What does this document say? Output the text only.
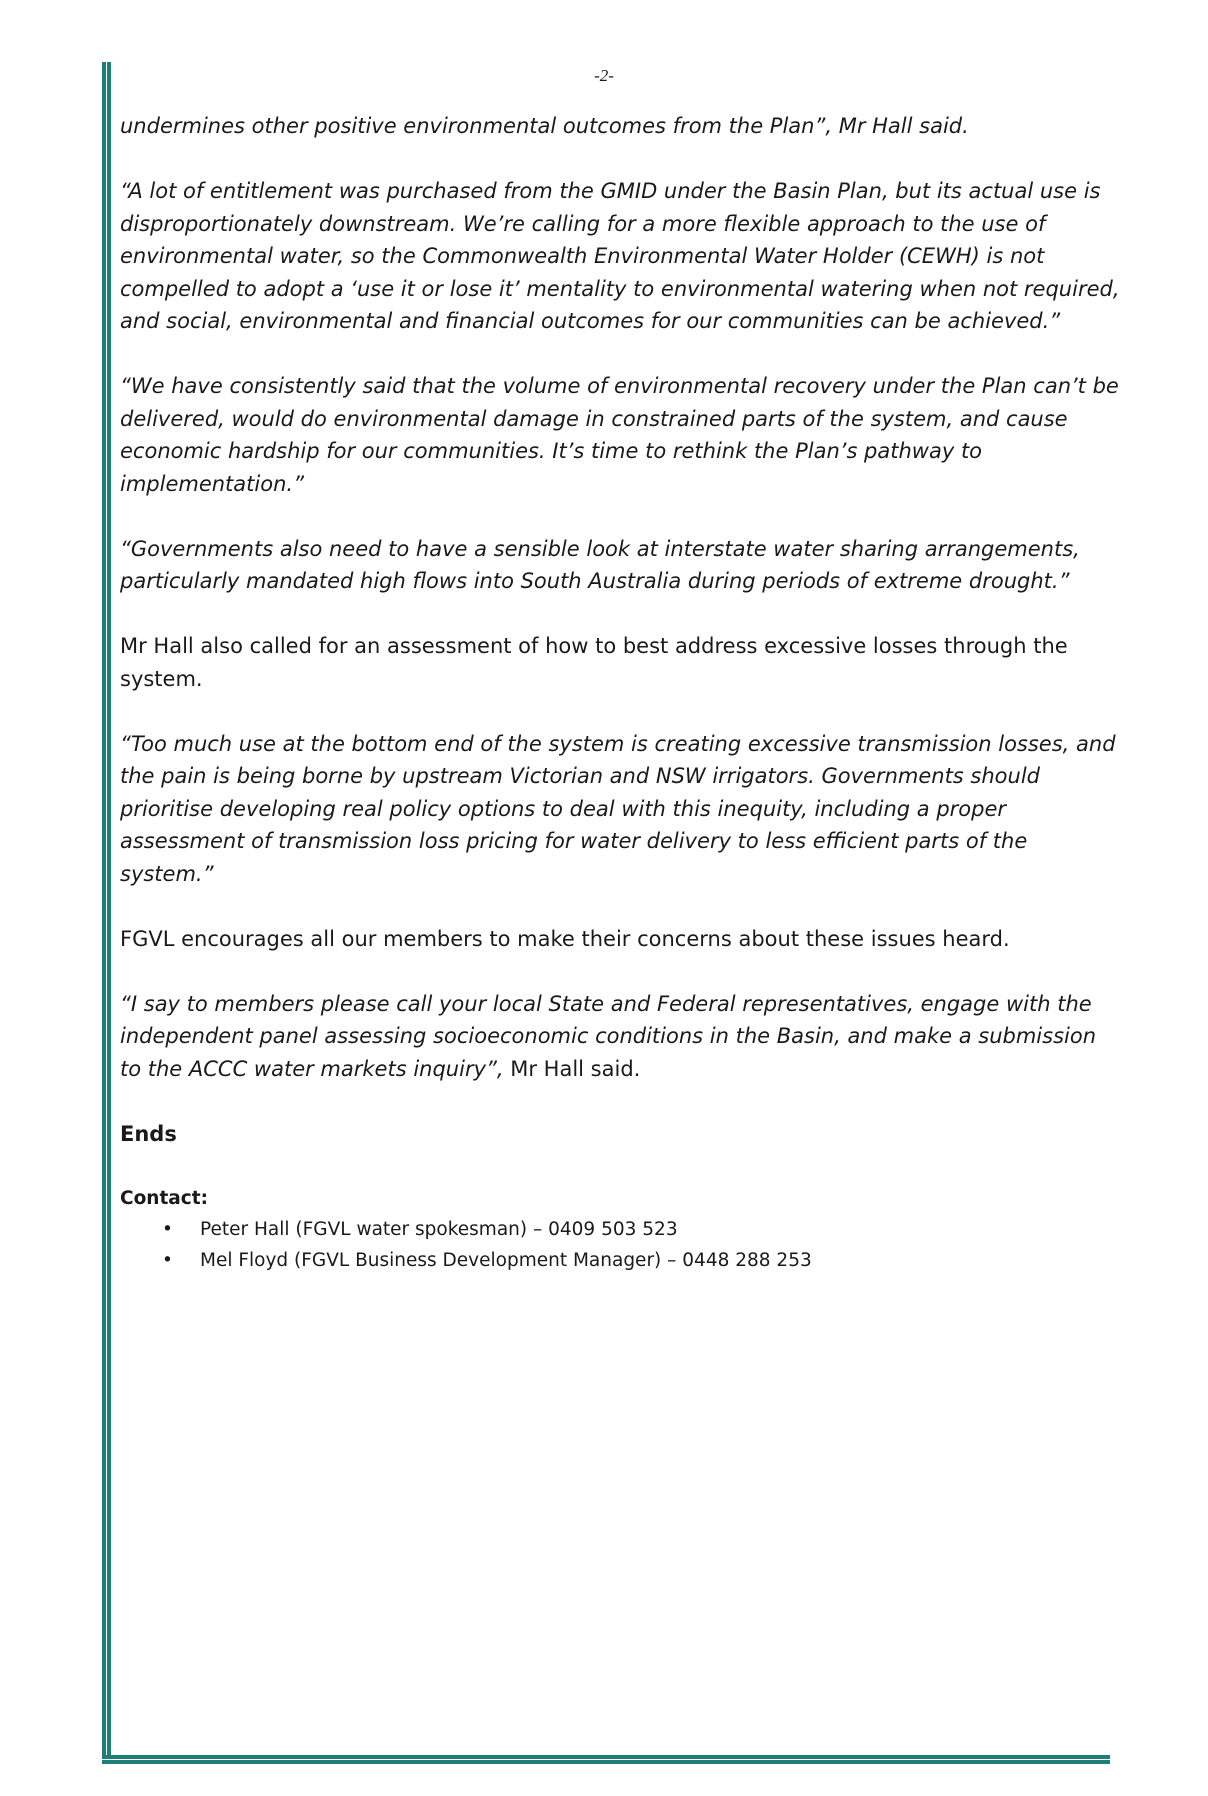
-2-

undermines other positive environmental outcomes from the Plan”, Mr Hall said.

“A lot of entitlement was purchased from the GMID under the Basin Plan, but its actual use is disproportionately downstream. We’re calling for a more flexible approach to the use of environmental water, so the Commonwealth Environmental Water Holder (CEWH) is not compelled to adopt a ‘use it or lose it’ mentality to environmental watering when not required, and social, environmental and financial outcomes for our communities can be achieved.”

“We have consistently said that the volume of environmental recovery under the Plan can’t be delivered, would do environmental damage in constrained parts of the system, and cause economic hardship for our communities. It’s time to rethink the Plan’s pathway to implementation.”

“Governments also need to have a sensible look at interstate water sharing arrangements, particularly mandated high flows into South Australia during periods of extreme drought.”

Mr Hall also called for an assessment of how to best address excessive losses through the system.

“Too much use at the bottom end of the system is creating excessive transmission losses, and the pain is being borne by upstream Victorian and NSW irrigators. Governments should prioritise developing real policy options to deal with this inequity, including a proper assessment of transmission loss pricing for water delivery to less efficient parts of the system.”

FGVL encourages all our members to make their concerns about these issues heard.

“I say to members please call your local State and Federal representatives, engage with the independent panel assessing socioeconomic conditions in the Basin, and make a submission to the ACCC water markets inquiry”, Mr Hall said.

Ends

Contact:

• Peter Hall (FGVL water spokesman) – 0409 503 523
• Mel Floyd (FGVL Business Development Manager) – 0448 288 253
